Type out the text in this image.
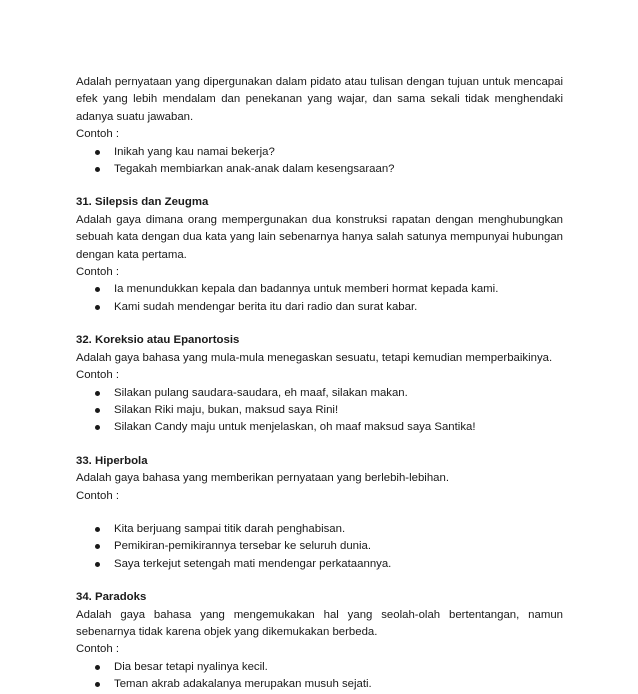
Adalah pernyataan yang dipergunakan dalam pidato atau tulisan dengan tujuan untuk mencapai efek yang lebih mendalam dan penekanan yang wajar, dan sama sekali tidak menghendaki adanya suatu jawaban.

Contoh :

Inikah yang kau namai bekerja?
Tegakah membiarkan anak-anak dalam kesengsaraan?

31. Silepsis dan Zeugma

Adalah gaya dimana orang mempergunakan dua konstruksi rapatan dengan menghubungkan sebuah kata dengan dua kata yang lain sebenarnya hanya salah satunya mempunyai hubungan dengan kata pertama.

Contoh :

Ia menundukkan kepala dan badannya untuk memberi hormat kepada kami.
Kami sudah mendengar berita itu dari radio dan surat kabar.

32. Koreksio atau Epanortosis

Adalah gaya bahasa yang mula-mula menegaskan sesuatu, tetapi kemudian memperbaikinya.

Contoh :

Silakan pulang saudara-saudara, eh maaf, silakan makan.
Silakan Riki maju, bukan, maksud saya Rini!
Silakan Candy maju untuk menjelaskan, oh maaf maksud saya Santika!

33. Hiperbola

Adalah gaya bahasa yang memberikan pernyataan yang berlebih-lebihan.

Contoh :

Kita berjuang sampai titik darah penghabisan.
Pemikiran-pemikirannya tersebar ke seluruh dunia.
Saya terkejut setengah mati mendengar perkataannya.

34. Paradoks

Adalah gaya bahasa yang mengemukakan hal yang seolah-olah bertentangan, namun sebenarnya tidak karena objek yang dikemukakan berbeda.

Contoh :

Dia besar tetapi nyalinya kecil.
Teman akrab adakalanya merupakan musuh sejati.
